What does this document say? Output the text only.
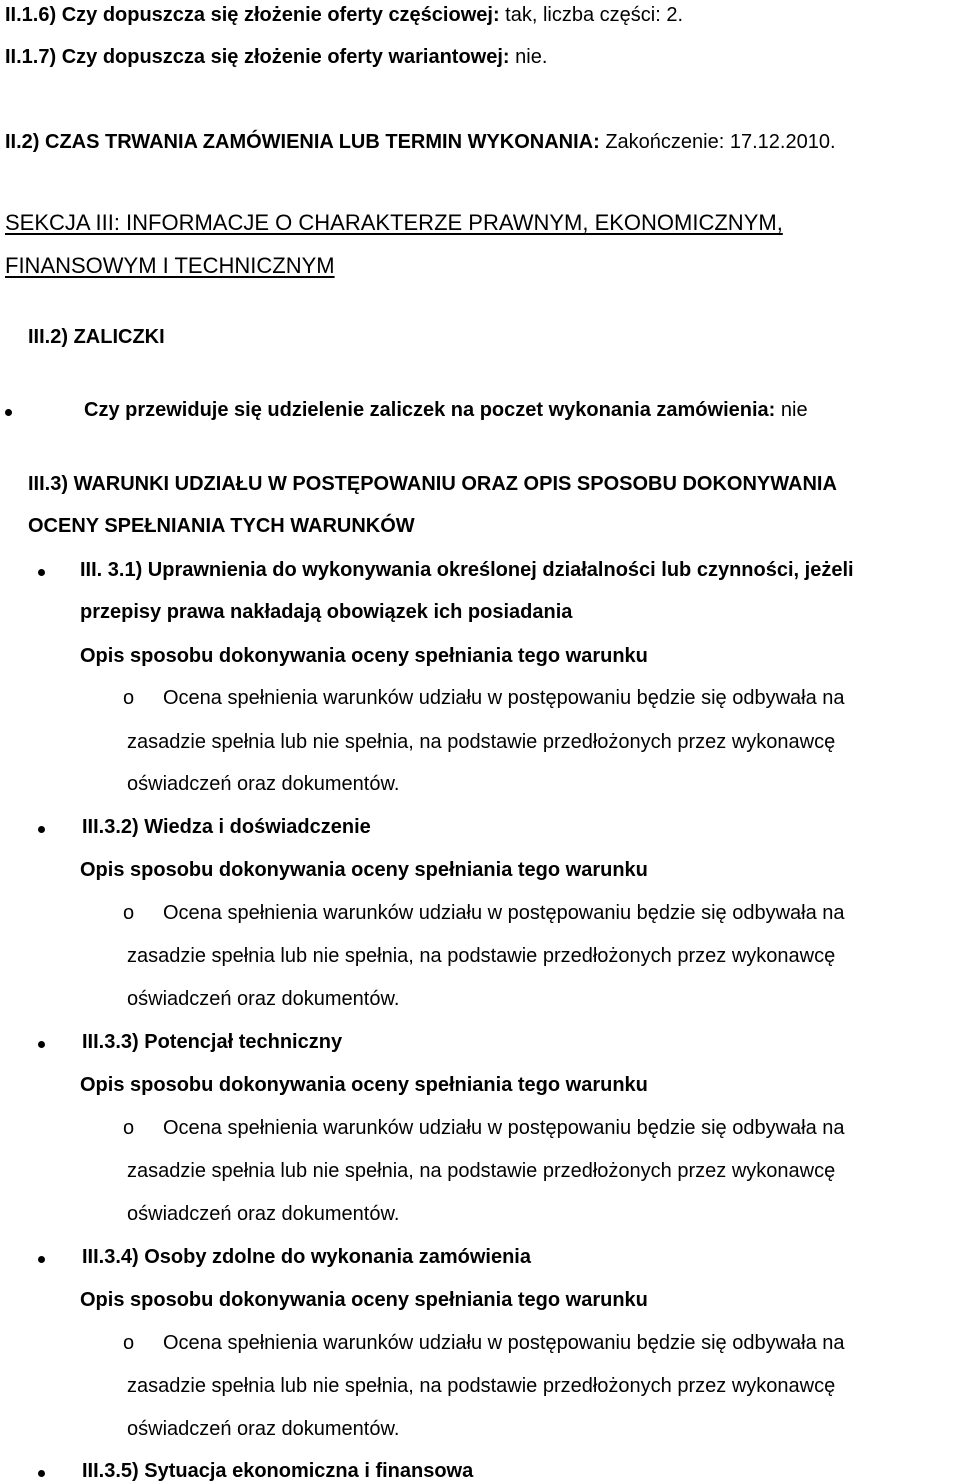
II.1.6) Czy dopuszcza się złożenie oferty częściowej: tak, liczba części: 2.
II.1.7) Czy dopuszcza się złożenie oferty wariantowej: nie.
II.2) CZAS TRWANIA ZAMÓWIENIA LUB TERMIN WYKONANIA: Zakończenie: 17.12.2010.
SEKCJA III: INFORMACJE O CHARAKTERZE PRAWNYM, EKONOMICZNYM,
FINANSOWYM I TECHNICZNYM
III.2) ZALICZKI
Czy przewiduje się udzielenie zaliczek na poczet wykonania zamówienia: nie
III.3) WARUNKI UDZIAŁU W POSTĘPOWANIU ORAZ OPIS SPOSOBU DOKONYWANIA
OCENY SPEŁNIANIA TYCH WARUNKÓW
III. 3.1) Uprawnienia do wykonywania określonej działalności lub czynności, jeżeli
przepisy prawa nakładają obowiązek ich posiadania
Opis sposobu dokonywania oceny spełniania tego warunku
o Ocena spełnienia warunków udziału w postępowaniu będzie się odbywała na
zasadzie spełnia lub nie spełnia, na podstawie przedłożonych przez wykonawcę
oświadczeń oraz dokumentów.
III.3.2) Wiedza i doświadczenie
Opis sposobu dokonywania oceny spełniania tego warunku
o Ocena spełnienia warunków udziału w postępowaniu będzie się odbywała na
zasadzie spełnia lub nie spełnia, na podstawie przedłożonych przez wykonawcę
oświadczeń oraz dokumentów.
III.3.3) Potencjał techniczny
Opis sposobu dokonywania oceny spełniania tego warunku
o Ocena spełnienia warunków udziału w postępowaniu będzie się odbywała na
zasadzie spełnia lub nie spełnia, na podstawie przedłożonych przez wykonawcę
oświadczeń oraz dokumentów.
III.3.4) Osoby zdolne do wykonania zamówienia
Opis sposobu dokonywania oceny spełniania tego warunku
o Ocena spełnienia warunków udziału w postępowaniu będzie się odbywała na
zasadzie spełnia lub nie spełnia, na podstawie przedłożonych przez wykonawcę
oświadczeń oraz dokumentów.
III.3.5) Sytuacja ekonomiczna i finansowa
